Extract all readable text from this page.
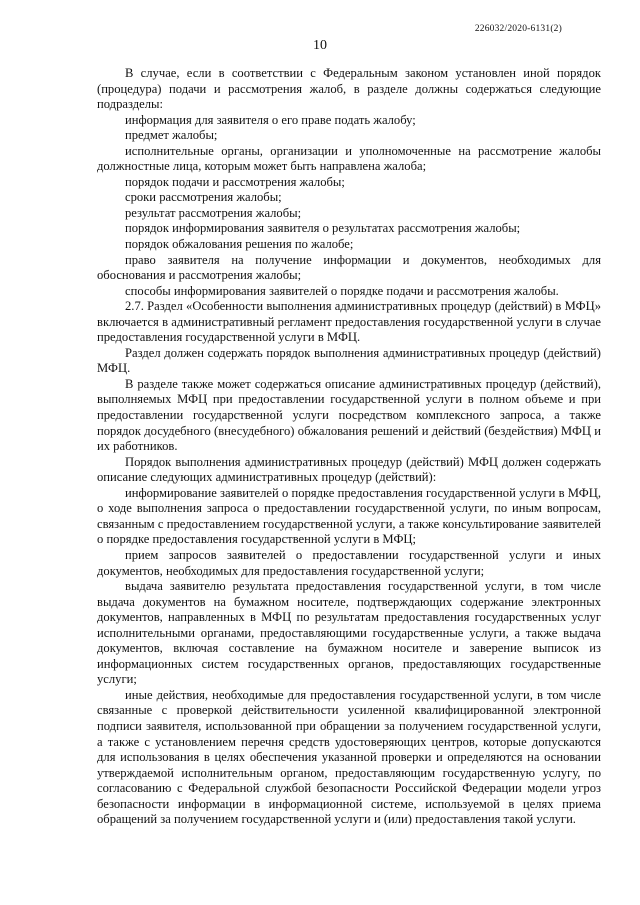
226032/2020-6131(2)
10

В случае, если в соответствии с Федеральным законом установлен иной порядок (процедура) подачи и рассмотрения жалоб, в разделе должны содержаться следующие подразделы:

информация для заявителя о его праве подать жалобу;

предмет жалобы;

исполнительные органы, организации и уполномоченные на рассмотрение жалобы должностные лица, которым может быть направлена жалоба;

порядок подачи и рассмотрения жалобы;

сроки рассмотрения жалобы;

результат рассмотрения жалобы;

порядок информирования заявителя о результатах рассмотрения жалобы;

порядок обжалования решения по жалобе;

право заявителя на получение информации и документов, необходимых для обоснования и рассмотрения жалобы;

способы информирования заявителей о порядке подачи и рассмотрения жалобы.

2.7. Раздел «Особенности выполнения административных процедур (действий) в МФЦ» включается в административный регламент предоставления государственной услуги в случае предоставления государственной услуги в МФЦ.

Раздел должен содержать порядок выполнения административных процедур (действий) МФЦ.

В разделе также может содержаться описание административных процедур (действий), выполняемых МФЦ при предоставлении государственной услуги в полном объеме и при предоставлении государственной услуги посредством комплексного запроса, а также порядок досудебного (внесудебного) обжалования решений и действий (бездействия) МФЦ и их работников.

Порядок выполнения административных процедур (действий) МФЦ должен содержать описание следующих административных процедур (действий):

информирование заявителей о порядке предоставления государственной услуги в МФЦ, о ходе выполнения запроса о предоставлении государственной услуги, по иным вопросам, связанным с предоставлением государственной услуги, а также консультирование заявителей о порядке предоставления государственной услуги в МФЦ;

прием запросов заявителей о предоставлении государственной услуги и иных документов, необходимых для предоставления государственной услуги;

выдача заявителю результата предоставления государственной услуги, в том числе выдача документов на бумажном носителе, подтверждающих содержание электронных документов, направленных в МФЦ по результатам предоставления государственных услуг исполнительными органами, предоставляющими государственные услуги, а также выдача документов, включая составление на бумажном носителе и заверение выписок из информационных систем государственных органов, предоставляющих государственные услуги;

иные действия, необходимые для предоставления государственной услуги, в том числе связанные с проверкой действительности усиленной квалифицированной электронной подписи заявителя, использованной при обращении за получением государственной услуги, а также с установлением перечня средств удостоверяющих центров, которые допускаются для использования в целях обеспечения указанной проверки и определяются на основании утверждаемой исполнительным органом, предоставляющим государственную услугу, по согласованию с Федеральной службой безопасности Российской Федерации модели угроз безопасности информации в информационной системе, используемой в целях приема обращений за получением государственной услуги и (или) предоставления такой услуги.
